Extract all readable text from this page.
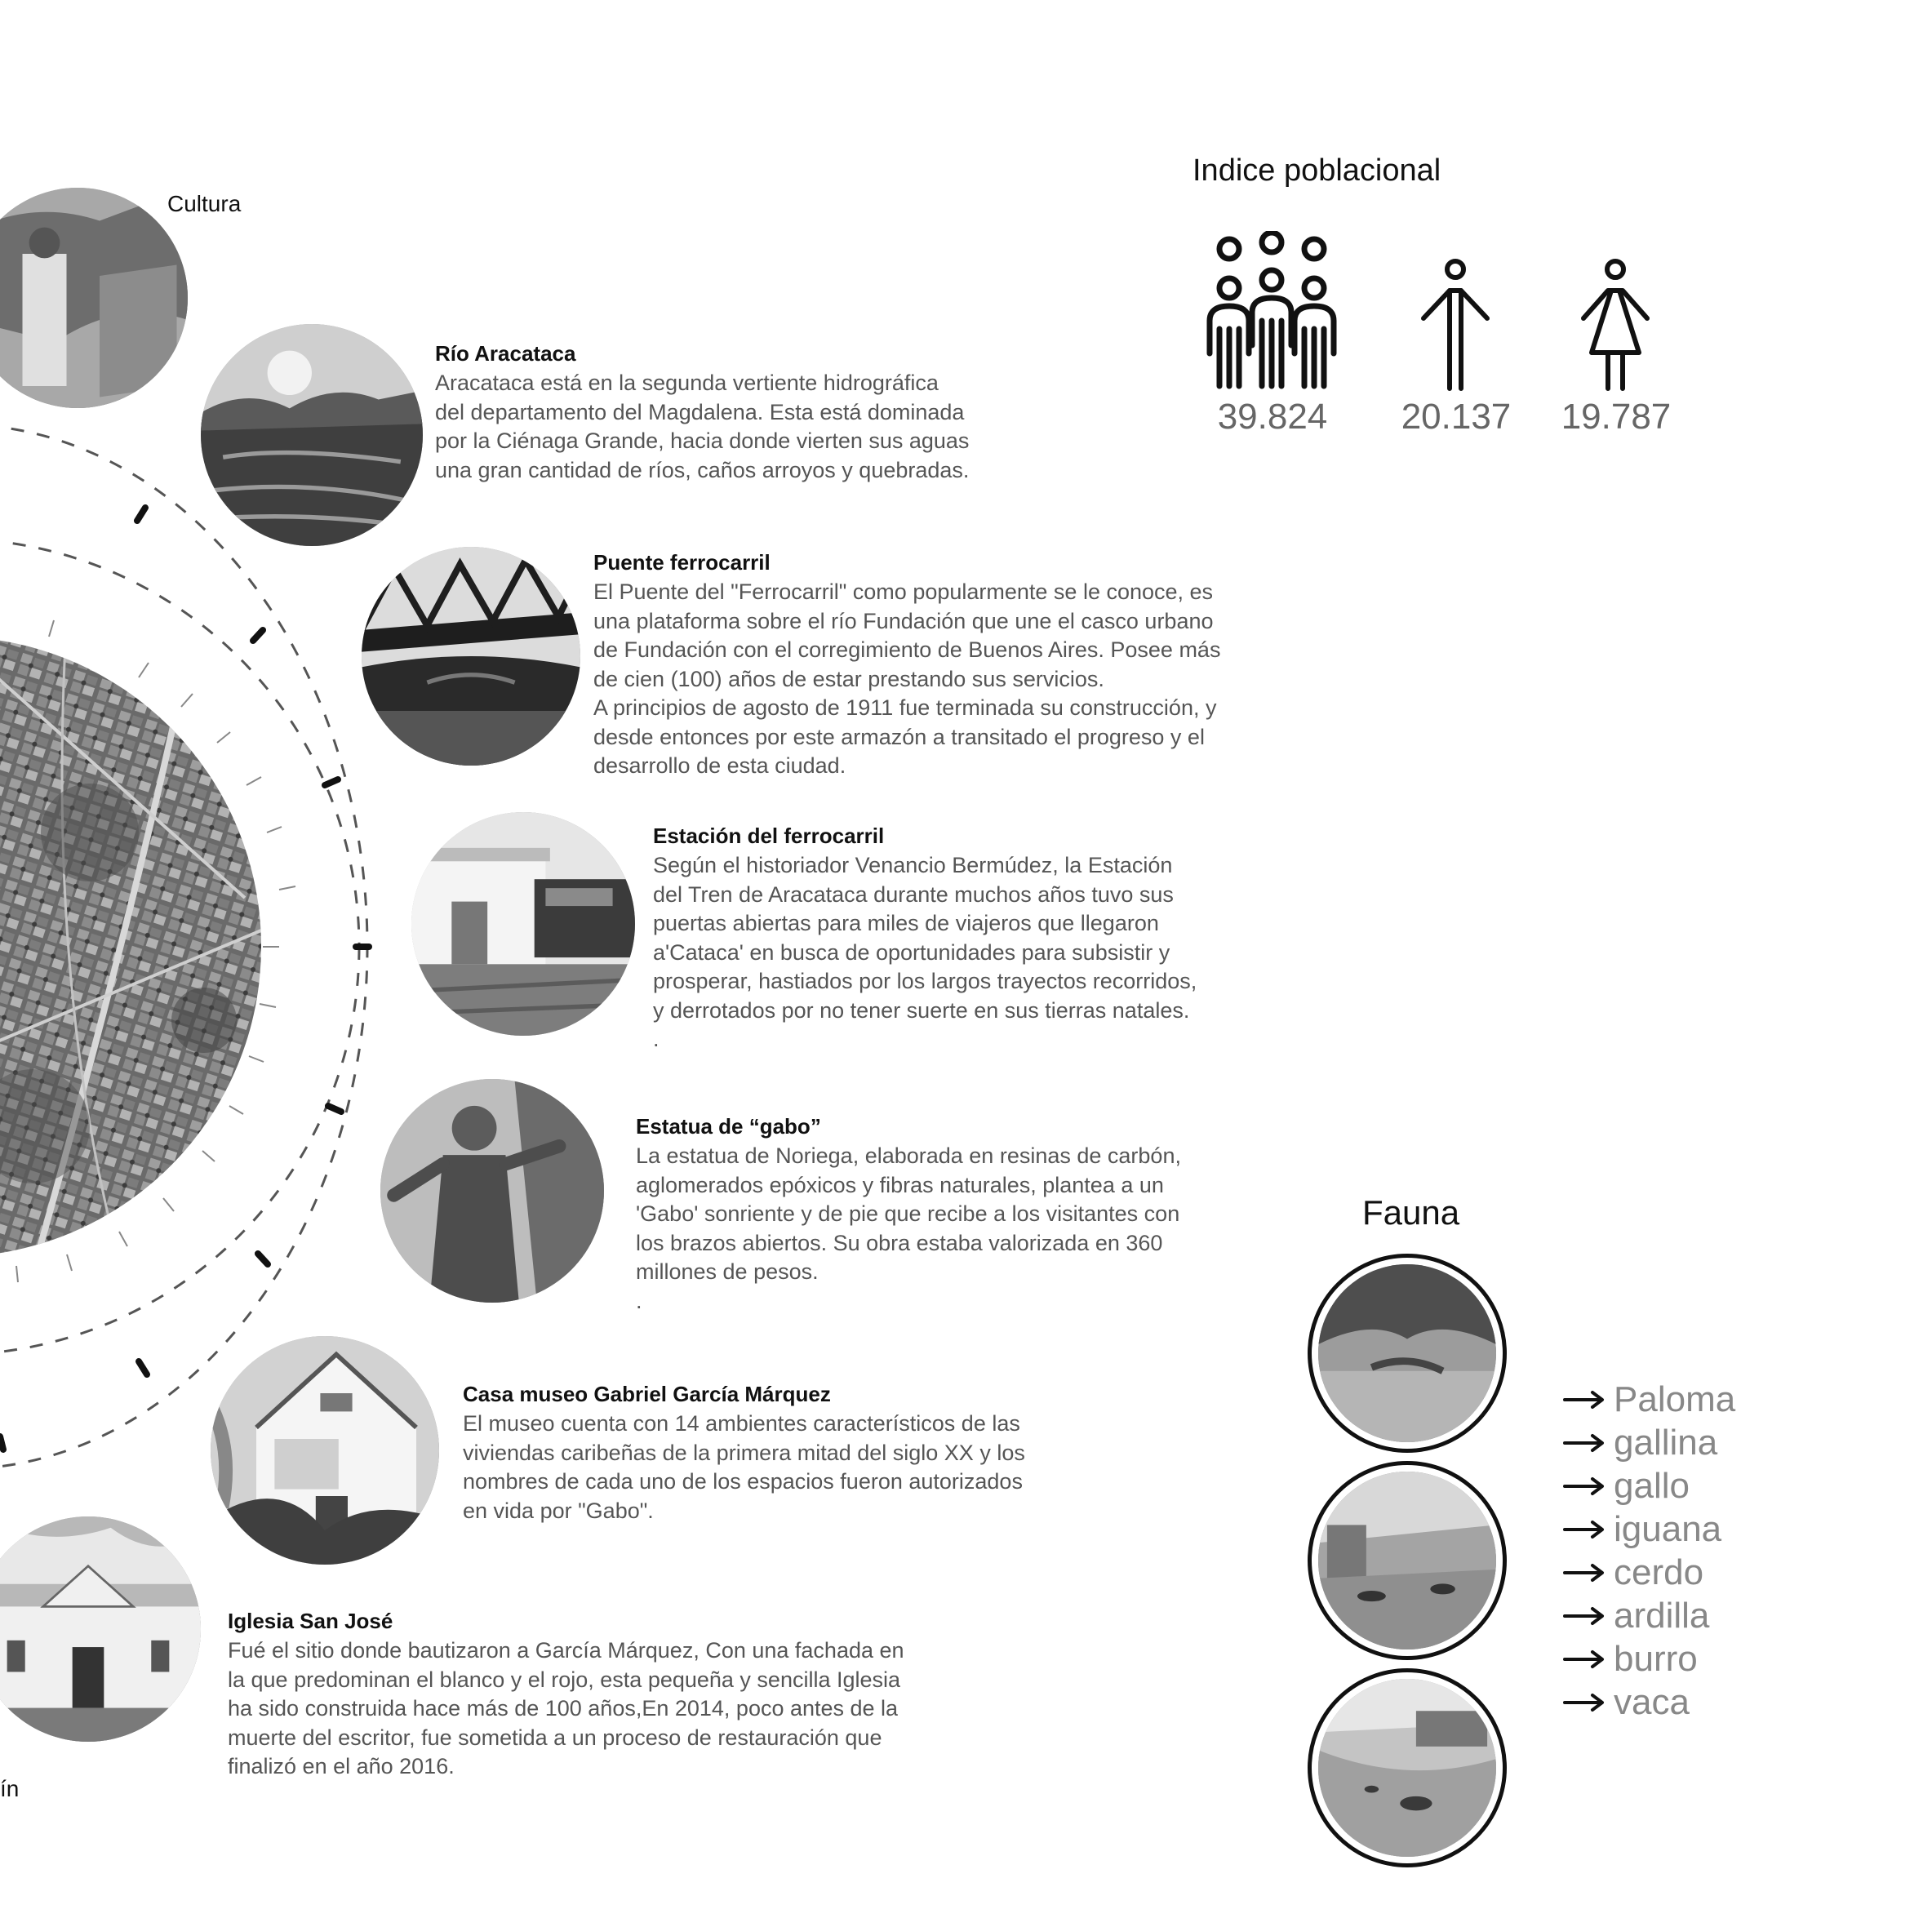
Cultura
Río Aracataca
Aracataca está en la segunda vertiente hidrográfica
del departamento del Magdalena. Esta está dominada
por la Ciénaga Grande, hacia donde vierten sus aguas
una gran cantidad de ríos, caños arroyos y quebradas.
Puente ferrocarril
El Puente del "Ferrocarril" como popularmente se le conoce, es
una plataforma sobre el río Fundación que une el casco urbano
de Fundación con el corregimiento de Buenos Aires. Posee más
de cien (100) años de estar prestando sus servicios.
A principios de agosto de 1911 fue terminada su construcción, y
desde entonces por este armazón a transitado el progreso y el
desarrollo de esta ciudad.
Estación del ferrocarril
Según el historiador Venancio Bermúdez, la Estación
del Tren de Aracataca durante muchos años tuvo sus
puertas abiertas para miles de viajeros que llegaron
a'Cataca' en busca de oportunidades para subsistir y
prosperar, hastiados por los largos trayectos recorridos,
y derrotados por no tener suerte en sus tierras natales.
.
Estatua de “gabo”
La estatua de Noriega, elaborada en resinas de carbón,
aglomerados epóxicos y fibras naturales, plantea a un
'Gabo' sonriente y de pie que recibe a los visitantes con
los brazos abiertos. Su obra estaba valorizada en 360
millones de pesos.
.
Casa museo Gabriel García Márquez
El museo cuenta con 14 ambientes característicos de las
viviendas caribeñas de la primera mitad del siglo XX y los
nombres de cada uno de los espacios fueron autorizados
en vida por "Gabo".
Iglesia San José
Fué el sitio donde bautizaron a García Márquez, Con una fachada en
la que predominan el blanco y el rojo, esta pequeña y sencilla Iglesia
ha sido construida hace más de 100 años,En 2014, poco antes de la
muerte del escritor, fue sometida a un proceso de restauración que
finalizó en el año 2016.
ín
Indice poblacional
39.824	20.137	19.787
Fauna
Paloma
gallina
gallo
iguana
cerdo
ardilla
burro
vaca
